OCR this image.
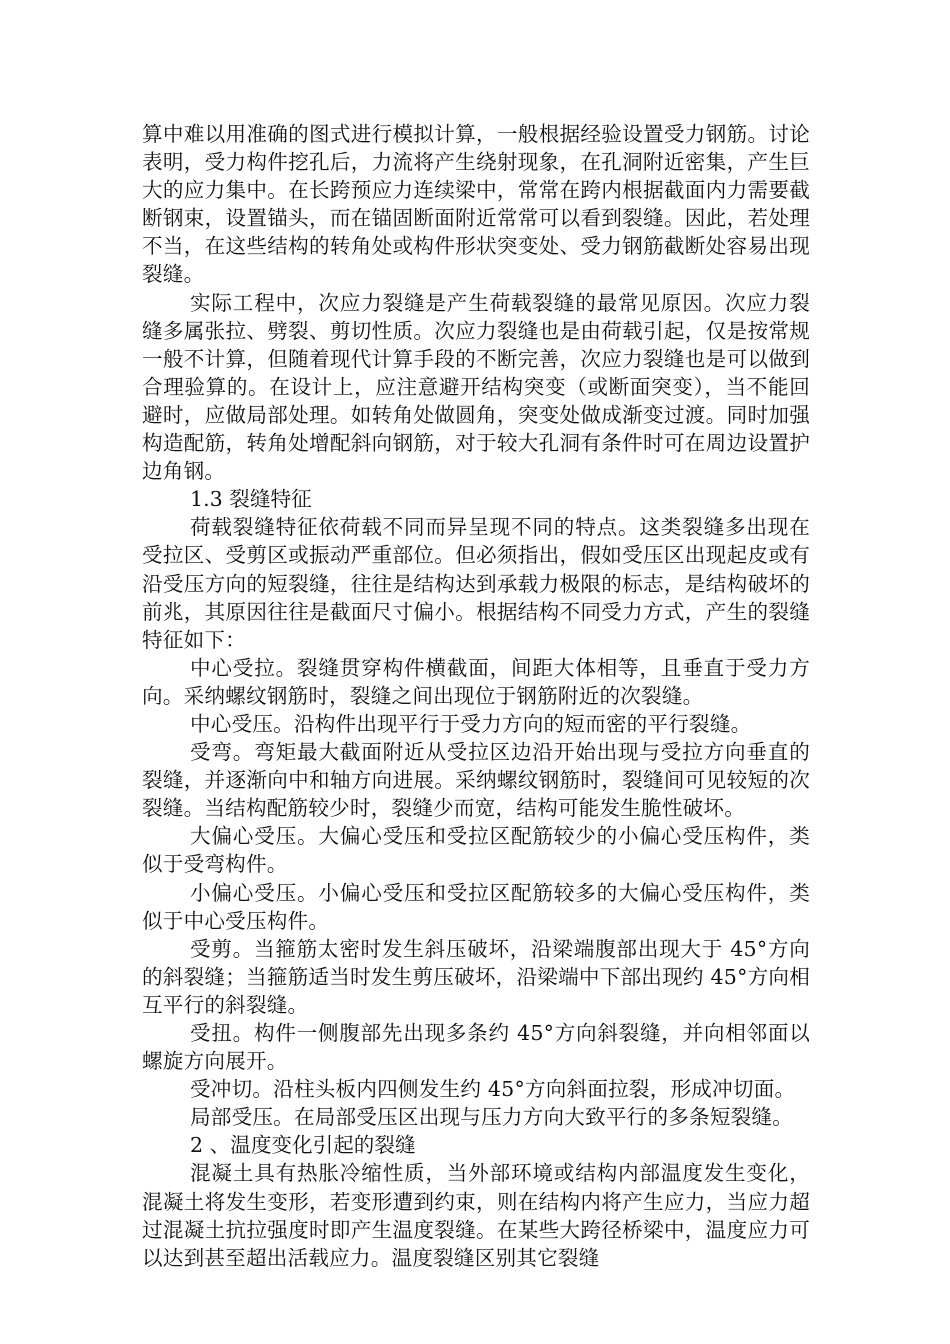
算中难以用准确的图式进行模拟计算，一般根据经验设置受力钢筋。讨论表明，受力构件挖孔后，力流将产生绕射现象，在孔洞附近密集，产生巨大的应力集中。在长跨预应力连续梁中，常常在跨内根据截面内力需要截断钢束，设置锚头，而在锚固断面附近常常可以看到裂缝。因此，若处理不当，在这些结构的转角处或构件形状突变处、受力钢筋截断处容易出现裂缝。

实际工程中，次应力裂缝是产生荷载裂缝的最常见原因。次应力裂缝多属张拉、劈裂、剪切性质。次应力裂缝也是由荷载引起，仅是按常规一般不计算，但随着现代计算手段的不断完善，次应力裂缝也是可以做到合理验算的。在设计上，应注意避开结构突变（或断面突变），当不能回避时，应做局部处理。如转角处做圆角，突变处做成渐变过渡。同时加强构造配筋，转角处增配斜向钢筋，对于较大孔洞有条件时可在周边设置护边角钢。

1.3 裂缝特征

荷载裂缝特征依荷载不同而异呈现不同的特点。这类裂缝多出现在受拉区、受剪区或振动严重部位。但必须指出，假如受压区出现起皮或有沿受压方向的短裂缝，往往是结构达到承载力极限的标志，是结构破坏的前兆，其原因往往是截面尺寸偏小。根据结构不同受力方式，产生的裂缝特征如下：

中心受拉。裂缝贯穿构件横截面，间距大体相等，且垂直于受力方向。采纳螺纹钢筋时，裂缝之间出现位于钢筋附近的次裂缝。

中心受压。沿构件出现平行于受力方向的短而密的平行裂缝。

受弯。弯矩最大截面附近从受拉区边沿开始出现与受拉方向垂直的裂缝，并逐渐向中和轴方向进展。采纳螺纹钢筋时，裂缝间可见较短的次裂缝。当结构配筋较少时，裂缝少而宽，结构可能发生脆性破坏。

大偏心受压。大偏心受压和受拉区配筋较少的小偏心受压构件，类似于受弯构件。

小偏心受压。小偏心受压和受拉区配筋较多的大偏心受压构件，类似于中心受压构件。

受剪。当箍筋太密时发生斜压破坏，沿梁端腹部出现大于 45°方向的斜裂缝；当箍筋适当时发生剪压破坏，沿梁端中下部出现约 45°方向相互平行的斜裂缝。

受扭。构件一侧腹部先出现多条约 45°方向斜裂缝，并向相邻面以螺旋方向展开。

受冲切。沿柱头板内四侧发生约 45°方向斜面拉裂，形成冲切面。

局部受压。在局部受压区出现与压力方向大致平行的多条短裂缝。

2 、温度变化引起的裂缝

混凝土具有热胀冷缩性质，当外部环境或结构内部温度发生变化，混凝土将发生变形，若变形遭到约束，则在结构内将产生应力，当应力超过混凝土抗拉强度时即产生温度裂缝。在某些大跨径桥梁中，温度应力可以达到甚至超出活载应力。温度裂缝区别其它裂缝
